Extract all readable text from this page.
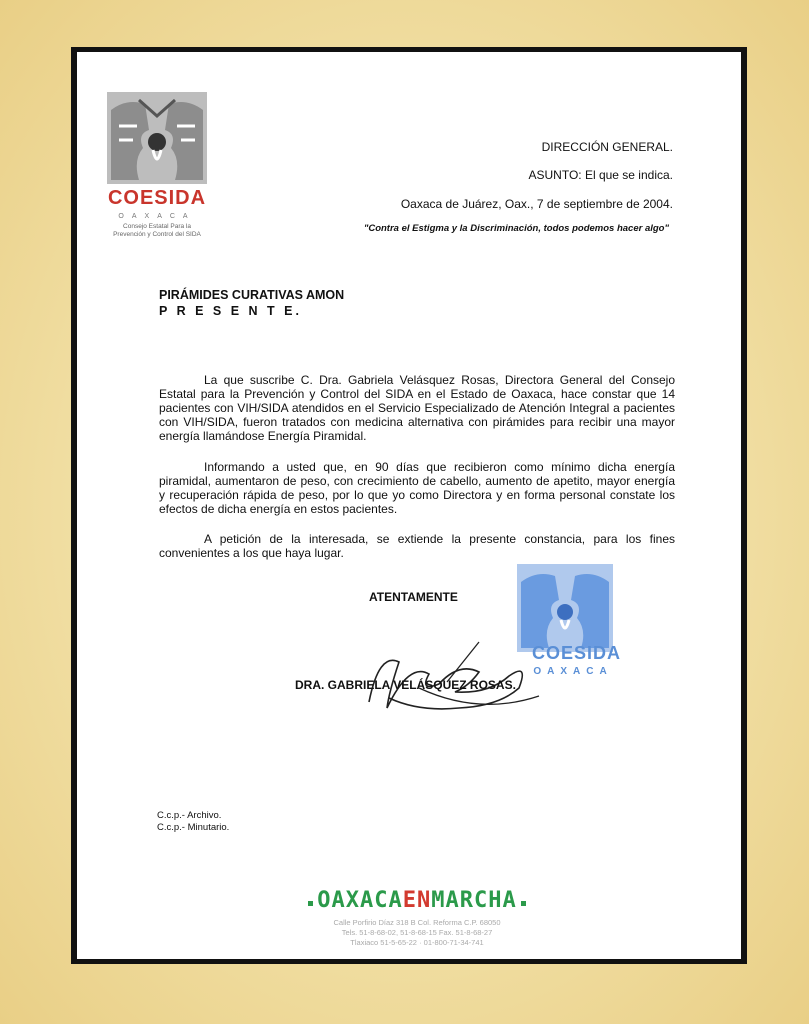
COESIDA
OAXACA
Consejo Estatal Para la
Prevención y Control del SIDA
DIRECCIÓN GENERAL.
ASUNTO: El que se indica.
Oaxaca de Juárez, Oax., 7 de septiembre de 2004.
"Contra el Estigma y la Discriminación, todos podemos hacer algo"
PIRÁMIDES CURATIVAS AMON
P R E S E N T E.

La que suscribe C. Dra. Gabriela Velásquez Rosas, Directora General del Consejo Estatal para la Prevención y Control del SIDA en el Estado de Oaxaca, hace constar que 14 pacientes con VIH/SIDA atendidos en el Servicio Especializado de Atención Integral a pacientes con VIH/SIDA, fueron tratados con medicina alternativa con pirámides para recibir una mayor energía llamándose Energía Piramidal.

Informando a usted que, en 90 días que recibieron como mínimo dicha energía piramidal, aumentaron de peso, con crecimiento de cabello, aumento de apetito, mayor energía y recuperación rápida de peso, por lo que yo como Directora y en forma personal constate los efectos de dicha energía en estos pacientes.

A petición de la interesada, se extiende la presente constancia, para los fines convenientes a los que haya lugar.

ATENTAMENTE
COESIDA
OAXACA
DRA. GABRIELA VELÁSQUEZ ROSAS.
C.c.p.- Archivo.
C.c.p.- Minutario.
OAXACAENMARCHA
Calle Porfirio Díaz 318 B Col. Reforma C.P. 68050
Tels. 51-8-68-02, 51-8-68-15 Fax. 51-8-68-27
Tlaxiaco 51-5-65-22 · 01-800-71-34-741
